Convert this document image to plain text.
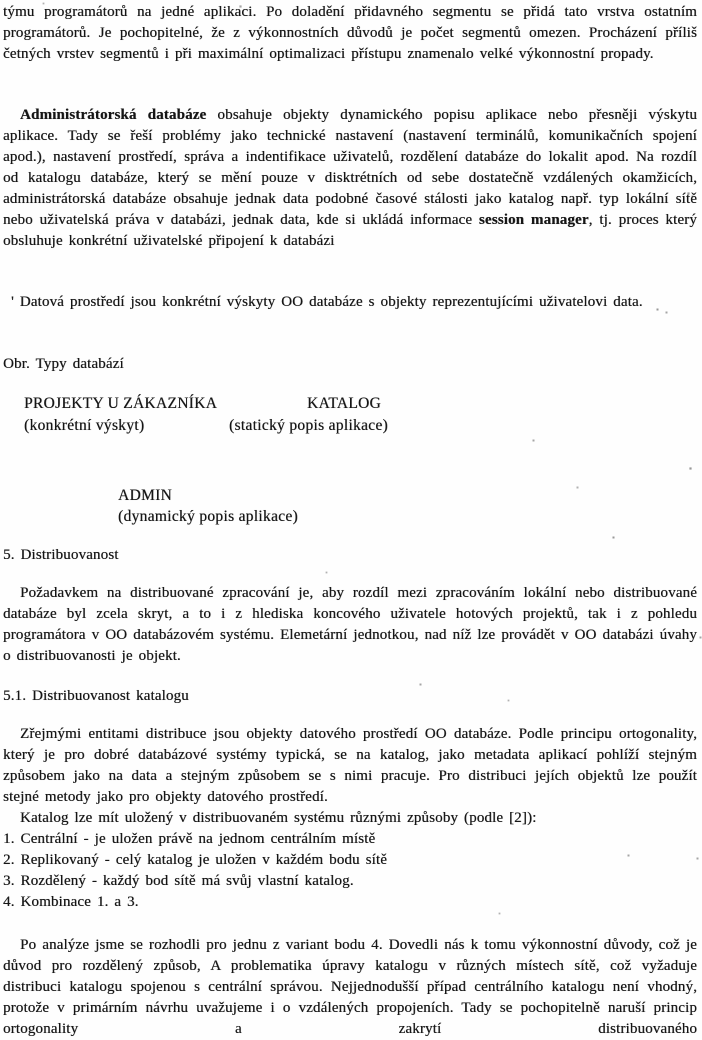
týmu programátorů na jedné aplikaci. Po doladění přidavného segmentu se přidá tato vrstva ostatním programátorů. Je pochopitelné, že z výkonnostních důvodů je počet segmentů omezen. Procházení příliš četných vrstev segmentů i při maximální optimalizaci přístupu znamenalo velké výkonnostní propady.
Administrátorská databáze obsahuje objekty dynamického popisu aplikace nebo přesněji výskytu aplikace. Tady se řeší problémy jako technické nastavení (nastavení terminálů, komunikačních spojení apod.), nastavení prostředí, správa a indentifikace uživatelů, rozdělení databáze do lokalit apod. Na rozdíl od katalogu databáze, který se mění pouze v disktrétních od sebe dostatečně vzdálených okamžicích, administrátorská databáze obsahuje jednak data podobné časové stálosti jako katalog např. typ lokální sítě nebo uživatelská práva v databázi, jednak data, kde si ukládá informace session manager, tj. proces který obsluhuje konkrétní uživatelské připojení k databázi
' Datová prostředí jsou konkrétní výskyty OO databáze s objekty reprezentujícími uživatelovi data.
Obr. Typy databází
PROJEKTY U ZÁKAZNÍKA	KATALOG
(konkrétní výskyt)	(statický popis aplikace)
ADMIN
(dynamický popis aplikace)
5. Distribuovanost
Požadavkem na distribuované zpracování je, aby rozdíl mezi zpracováním lokální nebo distribuované databáze byl zcela skryt, a to i z hlediska koncového uživatele hotových projektů, tak i z pohledu programátora v OO databázovém systému. Elemetární jednotkou, nad níž lze provádět v OO databázi úvahy o distribuovanosti je objekt.
5.1. Distribuovanost katalogu
Zřejmými entitami distribuce jsou objekty datového prostředí OO databáze. Podle principu ortogonality, který je pro dobré databázové systémy typická, se na katalog, jako metadata aplikací pohlíží stejným způsobem jako na data a stejným způsobem se s nimi pracuje. Pro distribuci jejích objektů lze použít stejné metody jako pro objekty datového prostředí.
Katalog lze mít uložený v distribuovaném systému různými způsoby (podle [2]):
1. Centrální - je uložen právě na jednom centrálním místě
2. Replikovaný - celý katalog je uložen v každém bodu sítě
3. Rozdělený - každý bod sítě má svůj vlastní katalog.
4. Kombinace 1. a 3.
Po analýze jsme se rozhodli pro jednu z variant bodu 4. Dovedli nás k tomu výkonnostní důvody, což je důvod pro rozdělený způsob, A problematika úpravy katalogu v různých místech sítě, což vyžaduje distribuci katalogu spojenou s centrální správou. Nejjednodušší případ centrálního katalogu není vhodný, protože v primárním návrhu uvažujeme i o vzdálených propojeních. Tady se pochopitelně naruší princip ortogonality a zakrytí distribuovaného
